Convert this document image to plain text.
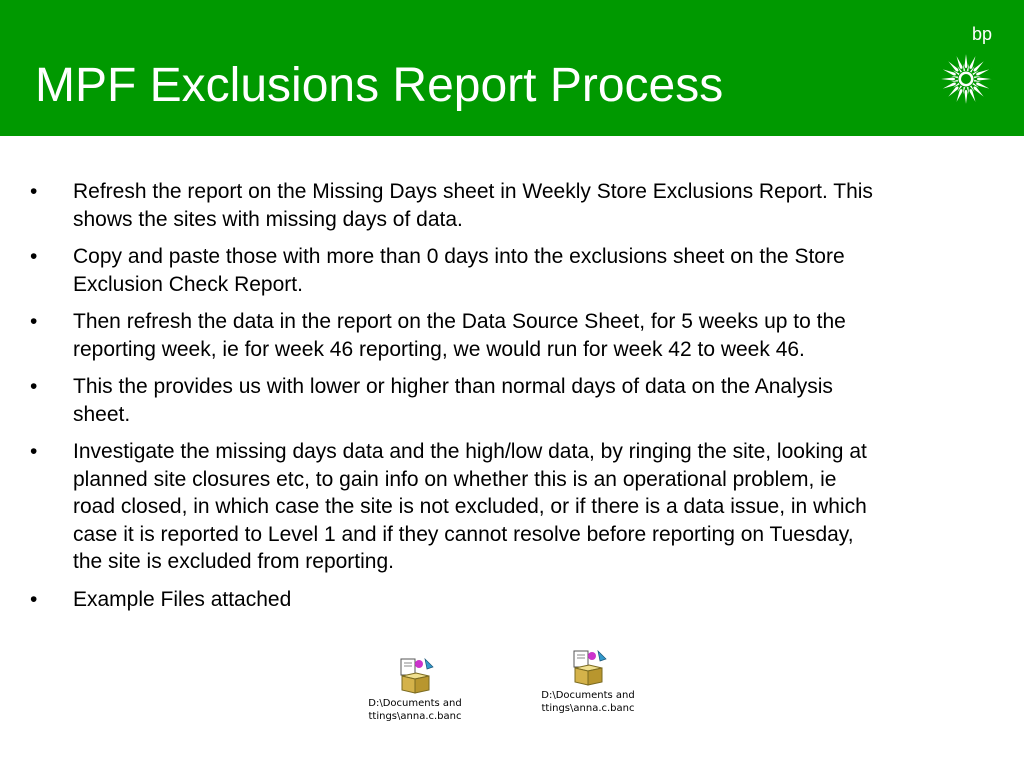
MPF Exclusions Report Process
bp
• Refresh the report on the Missing Days sheet in Weekly Store Exclusions Report. This shows the sites with missing days of data.
• Copy and paste those with more than 0 days into the exclusions sheet on the Store Exclusion Check Report.
• Then refresh the data in the report on the Data Source Sheet, for 5 weeks up to the reporting week, ie for week 46 reporting, we would run for week 42 to week 46.
• This the provides us with lower or higher than normal days of data on the Analysis sheet.
• Investigate the missing days data and the high/low data, by ringing the site, looking at planned site closures etc, to gain info on whether this is an operational problem, ie road closed, in which case the site is not excluded, or if there is a data issue, in which case it is reported to Level 1 and if they cannot resolve before reporting on Tuesday, the site is excluded from reporting.
• Example Files attached
D:\Documents and
ttings\anna.c.banc
D:\Documents and
ttings\anna.c.banc
